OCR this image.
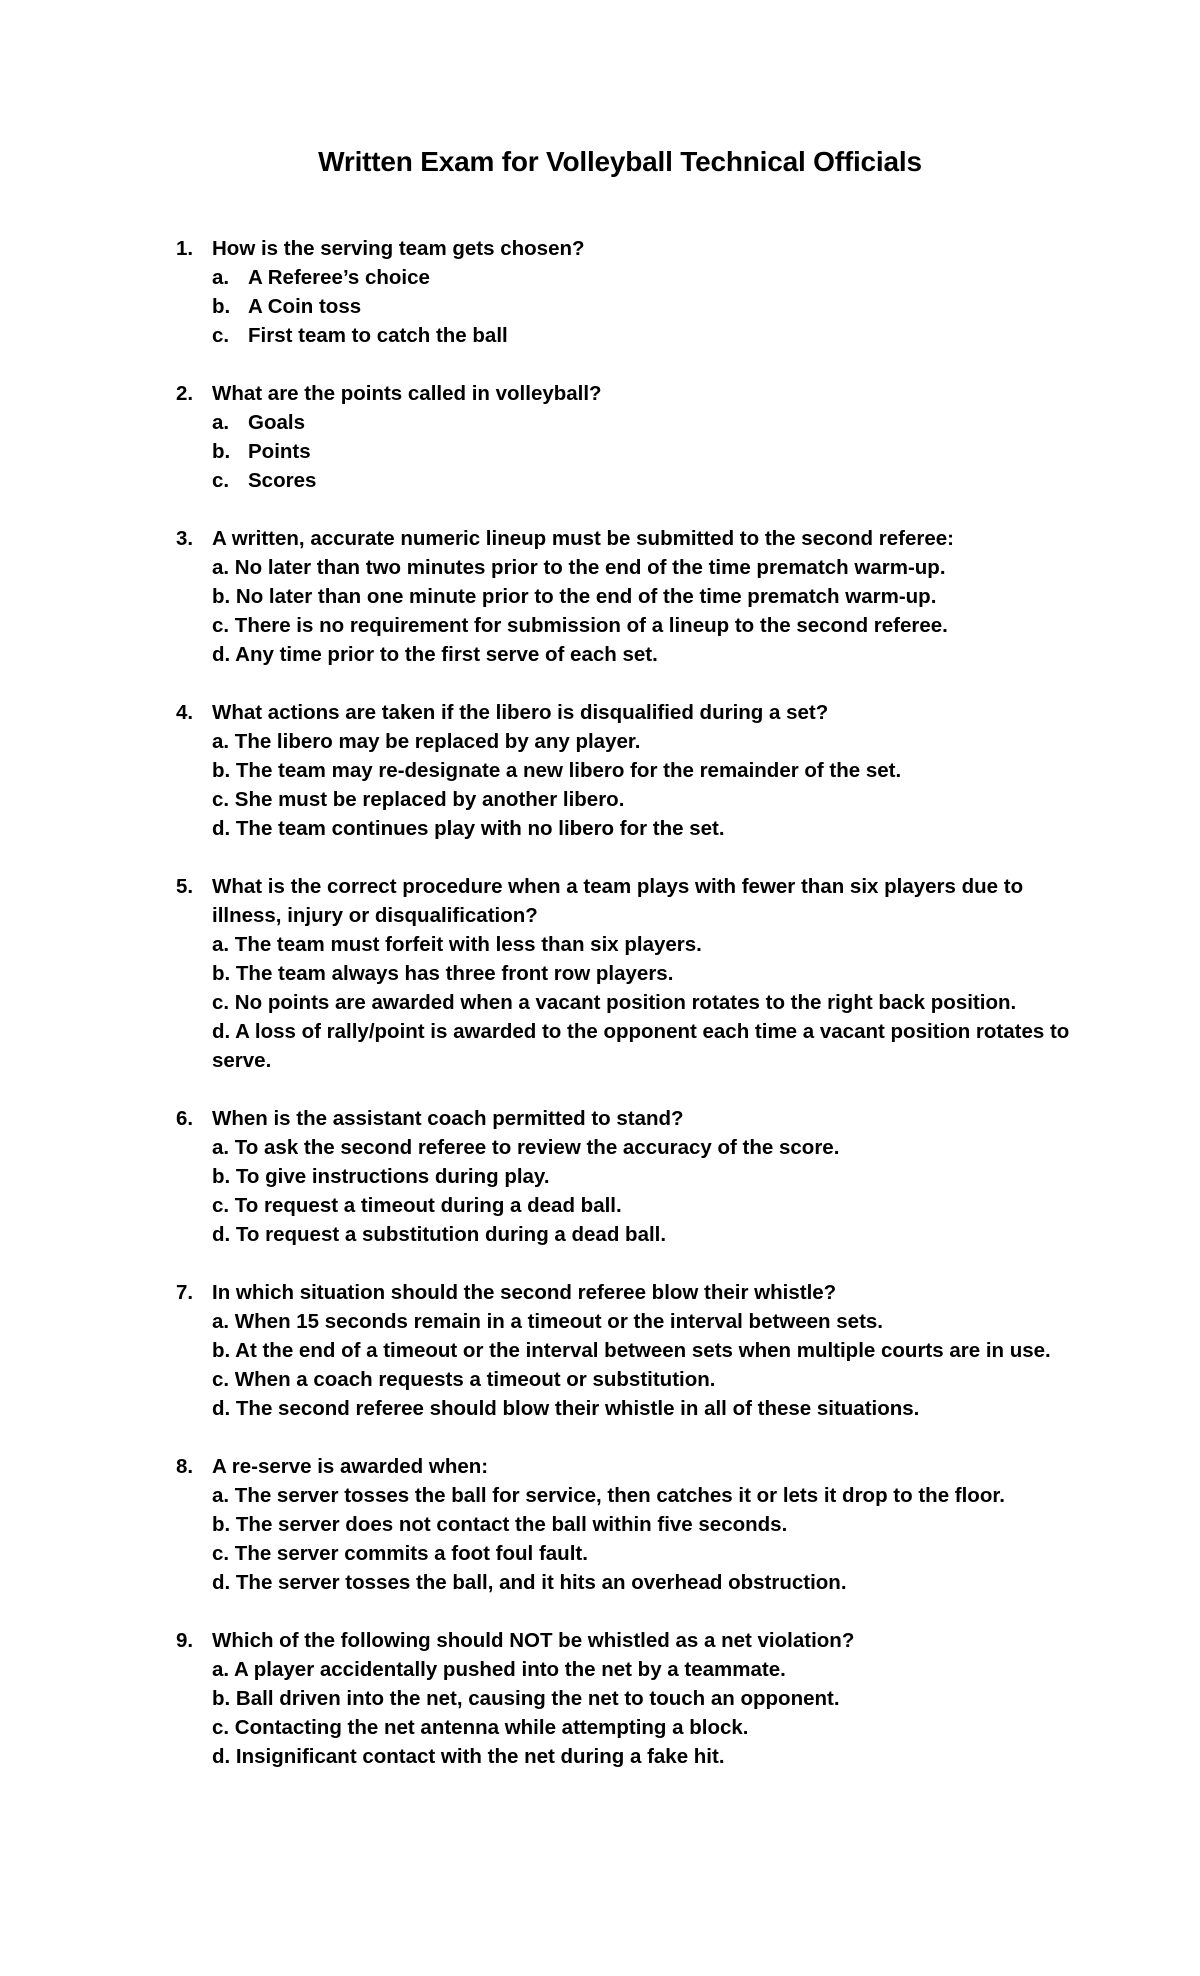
Written Exam for Volleyball Technical Officials
1. How is the serving team gets chosen?
a. A Referee’s choice
b. A Coin toss
c. First team to catch the ball
2. What are the points called in volleyball?
a. Goals
b. Points
c. Scores
3. A written, accurate numeric lineup must be submitted to the second referee:
a. No later than two minutes prior to the end of the time prematch warm-up.
b. No later than one minute prior to the end of the time prematch warm-up.
c. There is no requirement for submission of a lineup to the second referee.
d. Any time prior to the first serve of each set.
4. What actions are taken if the libero is disqualified during a set?
a. The libero may be replaced by any player.
b. The team may re-designate a new libero for the remainder of the set.
c. She must be replaced by another libero.
d. The team continues play with no libero for the set.
5. What is the correct procedure when a team plays with fewer than six players due to illness, injury or disqualification?
a. The team must forfeit with less than six players.
b. The team always has three front row players.
c. No points are awarded when a vacant position rotates to the right back position.
d. A loss of rally/point is awarded to the opponent each time a vacant position rotates to serve.
6. When is the assistant coach permitted to stand?
a. To ask the second referee to review the accuracy of the score.
b. To give instructions during play.
c. To request a timeout during a dead ball.
d. To request a substitution during a dead ball.
7. In which situation should the second referee blow their whistle?
a. When 15 seconds remain in a timeout or the interval between sets.
b. At the end of a timeout or the interval between sets when multiple courts are in use.
c. When a coach requests a timeout or substitution.
d. The second referee should blow their whistle in all of these situations.
8. A re-serve is awarded when:
a. The server tosses the ball for service, then catches it or lets it drop to the floor.
b. The server does not contact the ball within five seconds.
c. The server commits a foot foul fault.
d. The server tosses the ball, and it hits an overhead obstruction.
9. Which of the following should NOT be whistled as a net violation?
a. A player accidentally pushed into the net by a teammate.
b. Ball driven into the net, causing the net to touch an opponent.
c. Contacting the net antenna while attempting a block.
d. Insignificant contact with the net during a fake hit.
